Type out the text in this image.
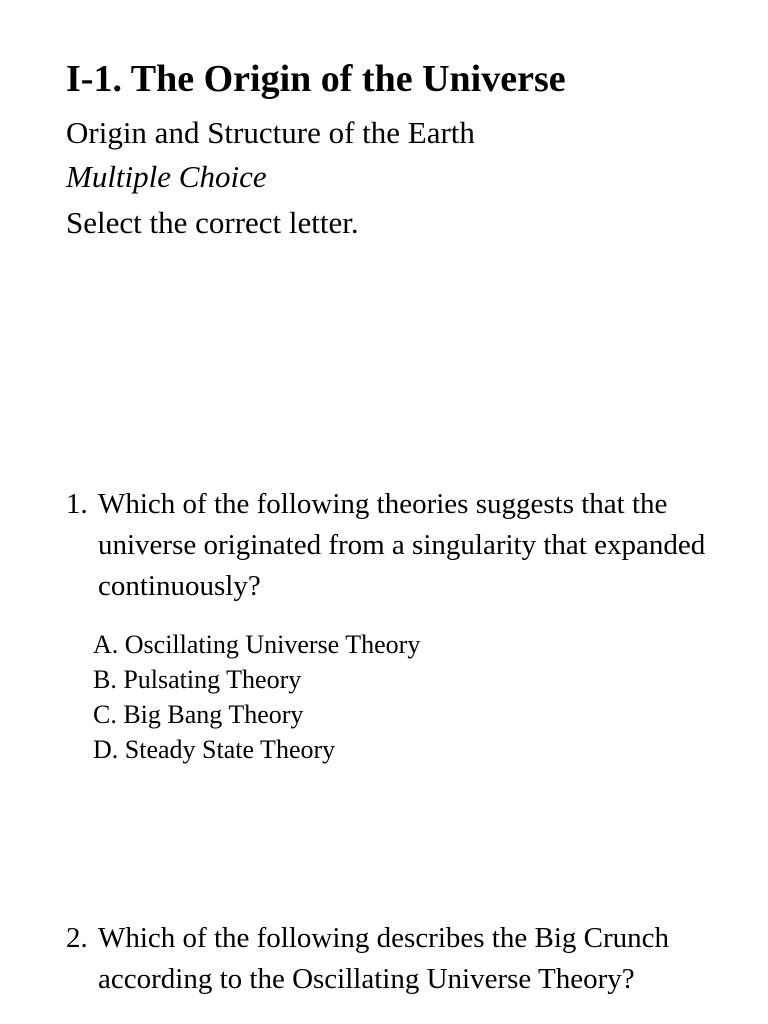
I-1. The Origin of the Universe
Origin and Structure of the Earth
Multiple Choice
Select the correct letter.
1. Which of the following theories suggests that the universe originated from a singularity that expanded continuously?
A. Oscillating Universe Theory
B. Pulsating Theory
C. Big Bang Theory
D. Steady State Theory
2. Which of the following describes the Big Crunch according to the Oscillating Universe Theory?
